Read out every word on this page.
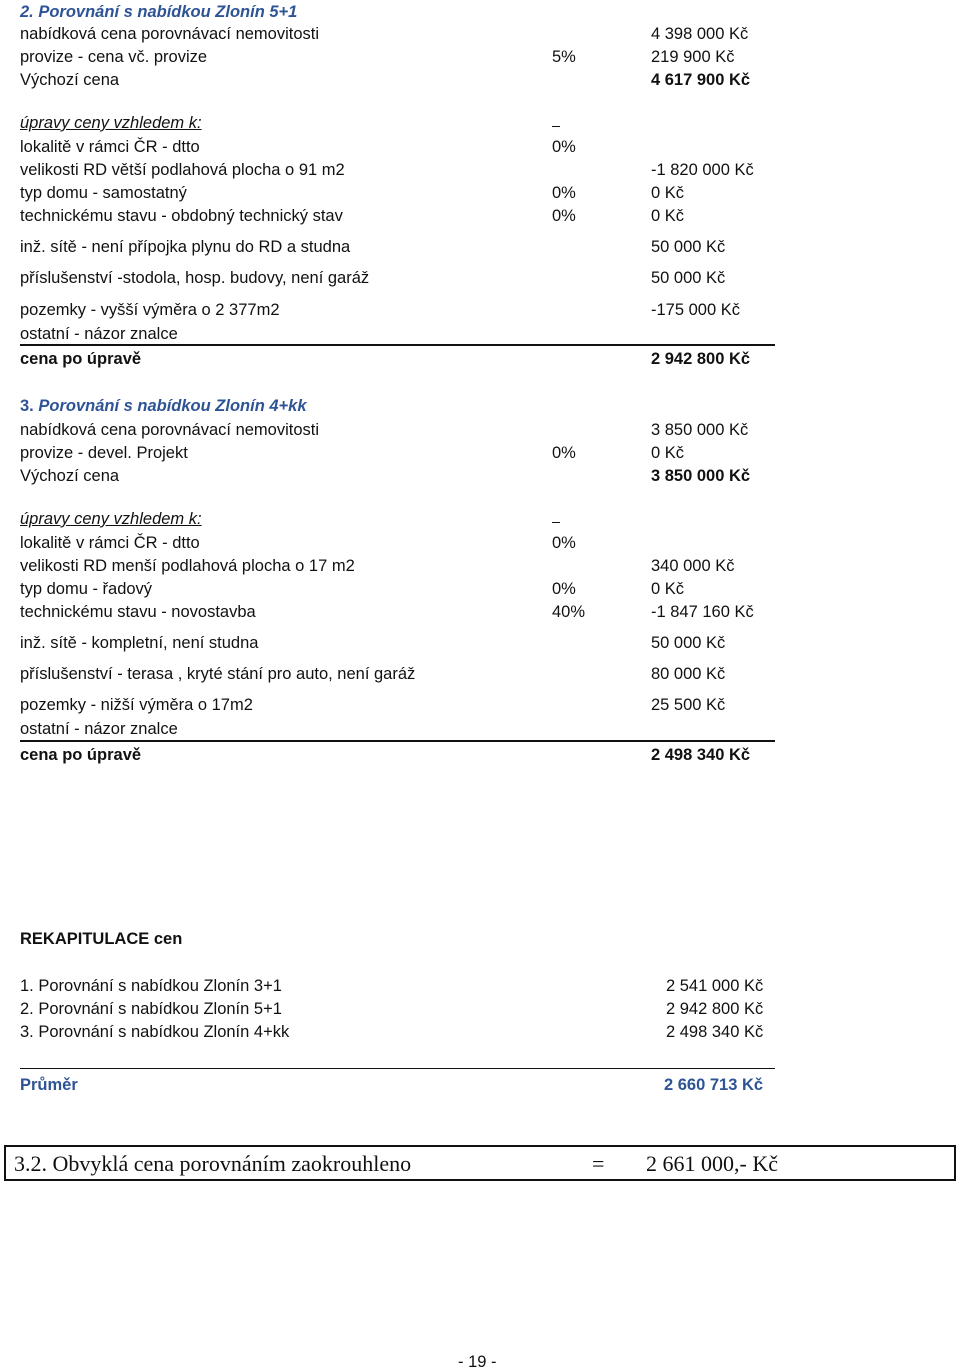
2. Porovnání s nabídkou Zlonín 5+1
nabídková cena porovnávací nemovitosti	4 398 000 Kč
provize - cena vč. provize	5%	219 900 Kč
Výchozí cena	4 617 900 Kč
úpravy ceny vzhledem k:
lokalitě v rámci ČR - dtto	0%
velikosti RD větší podlahová plocha o 91 m2	-1 820 000 Kč
typ domu - samostatný	0%	0 Kč
technickému stavu - obdobný technický stav	0%	0 Kč
inž. sítě - není přípojka plynu do RD a studna	50 000 Kč
příslušenství -stodola, hosp. budovy, není garáž	50 000 Kč
pozemky - vyšší výměra o 2 377m2	-175 000 Kč
ostatní - názor znalce
cena po úpravě	2 942 800 Kč
3. Porovnání s nabídkou Zlonín 4+kk
nabídková cena porovnávací nemovitosti	3 850 000 Kč
provize - devel. Projekt	0%	0 Kč
Výchozí cena	3 850 000 Kč
úpravy ceny vzhledem k:
lokalitě v rámci ČR - dtto	0%
velikosti RD menší podlahová plocha o 17 m2	340 000 Kč
typ domu - řadový	0%	0 Kč
technickému stavu - novostavba	40%	-1 847 160 Kč
inž. sítě - kompletní, není studna	50 000 Kč
příslušenství - terasa , kryté stání pro auto, není garáž	80 000 Kč
pozemky - nižší výměra o 17m2	25 500 Kč
ostatní - názor znalce
cena po úpravě	2 498 340 Kč
REKAPITULACE cen
1. Porovnání s nabídkou Zlonín 3+1	2 541 000 Kč
2. Porovnání s nabídkou Zlonín 5+1	2 942 800 Kč
3. Porovnání s nabídkou Zlonín 4+kk	2 498 340 Kč
Průměr	2 660 713 Kč
3.2. Obvyklá cena porovnáním zaokrouhleno	= 2 661 000,- Kč
- 19 -
